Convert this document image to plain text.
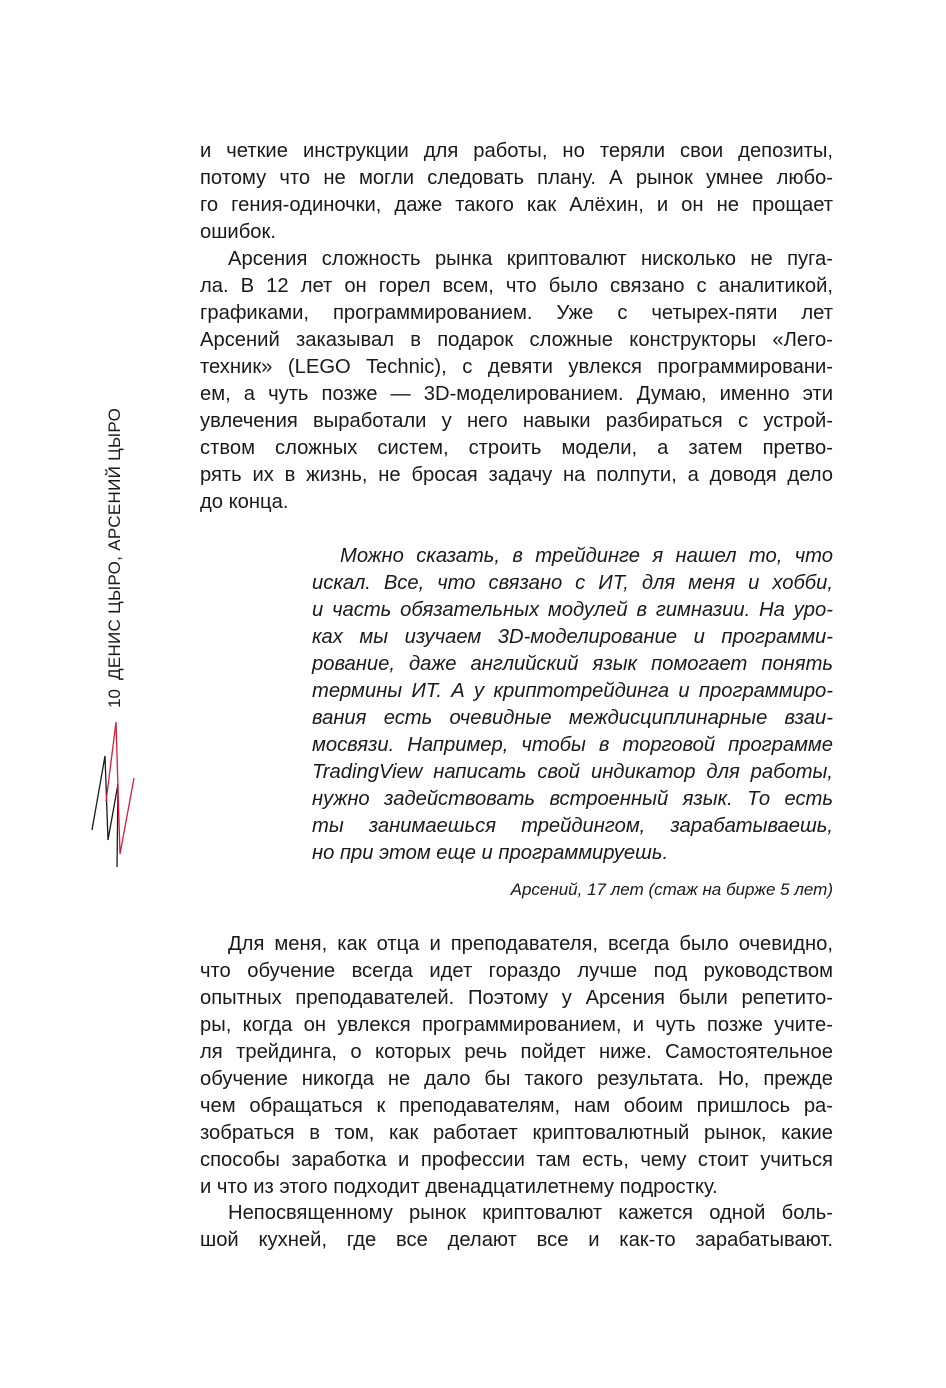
ДЕНИС ЦЫРО, АРСЕНИЙ ЦЫРО
10
и четкие инструкции для работы, но теряли свои депозиты,
потому что не могли следовать плану. А рынок умнее любо-
го гения-одиночки, даже такого как Алёхин, и он не прощает
ошибок.
Арсения сложность рынка криптовалют нисколько не пуга-
ла. В 12 лет он горел всем, что было связано с аналитикой,
графиками, программированием. Уже с четырех-пяти лет
Арсений заказывал в подарок сложные конструкторы «Лего-
техник» (LEGO Technic), с девяти увлекся программировани-
ем, а чуть позже — 3D-моделированием. Думаю, именно эти
увлечения выработали у него навыки разбираться с устрой-
ством сложных систем, строить модели, а затем претво-
рять их в жизнь, не бросая задачу на полпути, а доводя дело
до конца.
Можно сказать, в трейдинге я нашел то, что
искал. Все, что связано с ИТ, для меня и хобби,
и часть обязательных модулей в гимназии. На уро-
ках мы изучаем 3D-моделирование и программи-
рование, даже английский язык помогает понять
термины ИТ. А у криптотрейдинга и программиро-
вания есть очевидные междисциплинарные взаи-
мосвязи. Например, чтобы в торговой программе
TradingView написать свой индикатор для работы,
нужно задействовать встроенный язык. То есть
ты занимаешься трейдингом, зарабатываешь,
но при этом еще и программируешь.
Арсений, 17 лет (стаж на бирже 5 лет)
Для меня, как отца и преподавателя, всегда было очевидно,
что обучение всегда идет гораздо лучше под руководством
опытных преподавателей. Поэтому у Арсения были репетито-
ры, когда он увлекся программированием, и чуть позже учите-
ля трейдинга, о которых речь пойдет ниже. Самостоятельное
обучение никогда не дало бы такого результата. Но, прежде
чем обращаться к преподавателям, нам обоим пришлось ра-
зобраться в том, как работает криптовалютный рынок, какие
способы заработка и профессии там есть, чему стоит учиться
и что из этого подходит двенадцатилетнему подростку.
Непосвященному рынок криптовалют кажется одной боль-
шой кухней, где все делают все и как-то зарабатывают.
